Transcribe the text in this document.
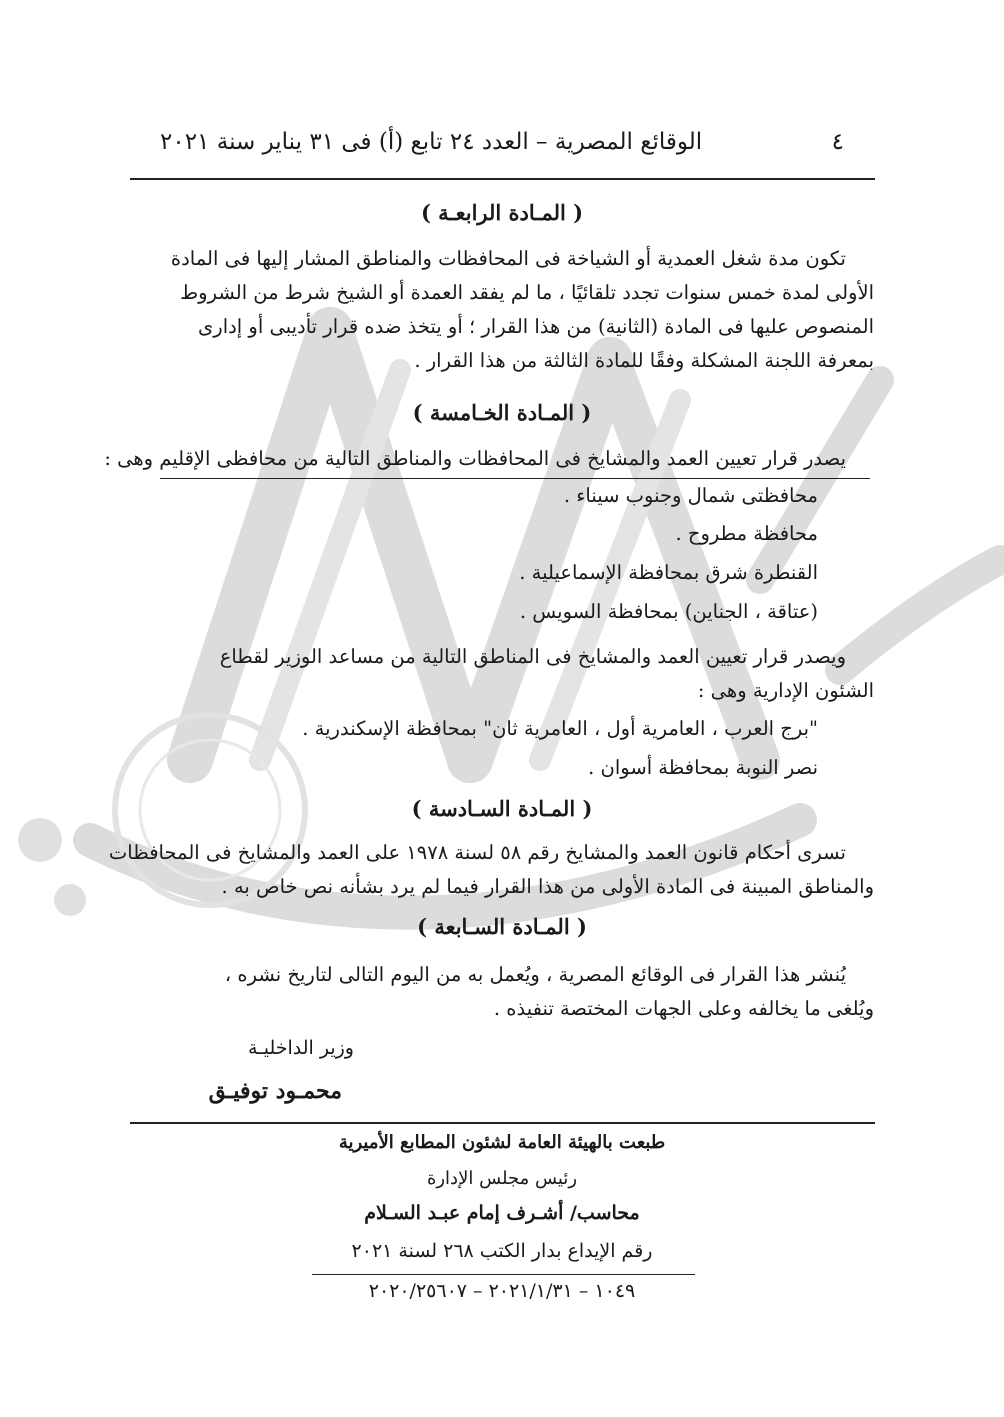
٤
الوقائع المصرية – العدد ٢٤ تابع (أ) فى ٣١ يناير سنة ٢٠٢١
( المـادة الرابعـة )
تكون مدة شغل العمدية أو الشياخة فى المحافظات والمناطق المشار إليها فى المادة
الأولى لمدة خمس سنوات تجدد تلقائيًا ، ما لم يفقد العمدة أو الشيخ شرط من الشروط
المنصوص عليها فى المادة (الثانية) من هذا القرار ؛ أو يتخذ ضده قرار تأديبى أو إدارى
بمعرفة اللجنة المشكلة وفقًا للمادة الثالثة من هذا القرار .
( المـادة الخـامسة )
يصدر قرار تعيين العمد والمشايخ فى المحافظات والمناطق التالية من محافظى الإقليم وهى :
محافظتى شمال وجنوب سيناء .
محافظة مطروح .
القنطرة شرق بمحافظة الإسماعيلية .
(عتاقة ، الجناين) بمحافظة السويس .
ويصدر قرار تعيين العمد والمشايخ فى المناطق التالية من مساعد الوزير لقطاع
الشئون الإدارية وهى :
"برج العرب ، العامرية أول ، العامرية ثان" بمحافظة الإسكندرية .
نصر النوبة بمحافظة أسوان .
( المـادة السـادسة )
تسرى أحكام قانون العمد والمشايخ رقم ٥٨ لسنة ١٩٧٨ على العمد والمشايخ فى المحافظات
والمناطق المبينة فى المادة الأولى من هذا القرار فيما لم يرد بشأنه نص خاص به .
( المـادة السـابعة )
يُنشر هذا القرار فى الوقائع المصرية ، ويُعمل به من اليوم التالى لتاريخ نشره ،
ويُلغى ما يخالفه وعلى الجهات المختصة تنفيذه .
وزير الداخليـة
محمـود توفيـق
طبعت بالهيئة العامة لشئون المطابع الأميرية
رئيس مجلس الإدارة
محاسب/ أشـرف إمام عبـد السـلام
رقم الإيداع بدار الكتب ٢٦٨ لسنة ٢٠٢١
١٠٤٩ – ٢٠٢١/١/٣١ – ٢٠٢٠/٢٥٦٠٧
